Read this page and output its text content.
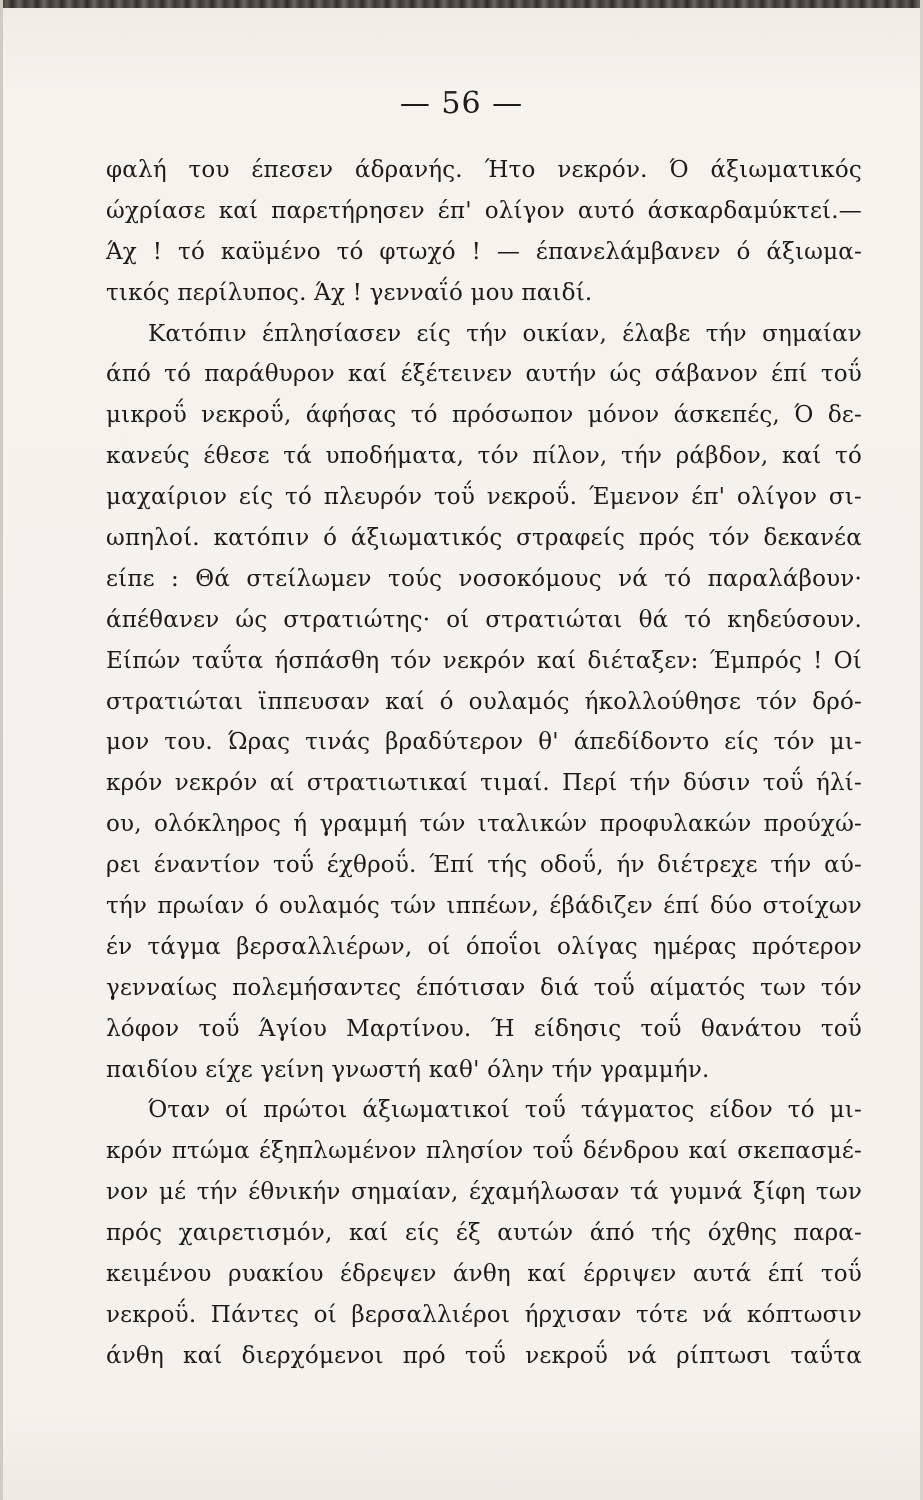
— 56 —
φαλή του έπεσεν άδρανής. Ήτο νεκρόν. Ό άξιωματικός
ώχρίασε καί παρετήρησεν έπ' ολίγον αυτό άσκαρδαμύκτεί.—
Άχ ! τό καϋμένο τό φτωχό ! — έπανελάμβανεν ό άξιωμα-
τικός περίλυπος. Άχ ! γενναΐό μου παιδί.
Κατόπιν έπλησίασεν είς τήν οικίαν, έλαβε τήν σημαίαν
άπό τό παράθυρον καί έξέτεινεν αυτήν ώς σάβανον έπί τοΰ
μικροΰ νεκροΰ, άφήσας τό πρόσωπον μόνον άσκεπές, Ό δε-
κανεύς έθεσε τά υποδήματα, τόν πίλον, τήν ράβδον, καί τό
μαχαίριον είς τό πλευρόν τοΰ νεκροΰ. Έμενον έπ' ολίγον σι-
ωπηλοί. κατόπιν ό άξιωματικός στραφείς πρός τόν δεκανέα
είπε : Θά στείλωμεν τούς νοσοκόμους νά τό παραλάβουν·
άπέθανεν ώς στρατιώτης· οί στρατιώται θά τό κηδεύσουν.
Είπών ταΰτα ήσπάσθη τόν νεκρόν καί διέταξεν: Έμπρός ! Οί
στρατιώται ϊππευσαν καί ό ουλαμός ήκολλούθησε τόν δρό-
μον του. Ώρας τινάς βραδύτερον θ' άπεδίδοντο είς τόν μι-
κρόν νεκρόν αί στρατιωτικαί τιμαί. Περί τήν δύσιν τοΰ ήλί-
ου, ολόκληρος ή γραμμή τών ιταλικών προφυλακών προύχώ-
ρει έναντίον τοΰ έχθροΰ. Έπί τής οδοΰ, ήν διέτρεχε τήν αύ-
τήν πρωίαν ό ουλαμός τών ιππέων, έβάδιζεν έπί δύο στοίχων
έν τάγμα βερσαλλιέρων, οί όποΐοι ολίγας ημέρας πρότερον
γενναίως πολεμήσαντες έπότισαν διά τοΰ αίματός των τόν
λόφον τοΰ Άγίου Μαρτίνου. Ή είδησις τοΰ θανάτου τοΰ
παιδίου είχε γείνη γνωστή καθ' όλην τήν γραμμήν.
Όταν οί πρώτοι άξιωματικοί τοΰ τάγματος είδον τό μι-
κρόν πτώμα έξηπλωμένον πλησίον τοΰ δένδρου καί σκεπασμέ-
νον μέ τήν έθνικήν σημαίαν, έχαμήλωσαν τά γυμνά ξίφη των
πρός χαιρετισμόν, καί είς έξ αυτών άπό τής όχθης παρα-
κειμένου ρυακίου έδρεψεν άνθη καί έρριψεν αυτά έπί τοΰ
νεκροΰ. Πάντες οί βερσαλλιέροι ήρχισαν τότε νά κόπτωσιν
άνθη καί διερχόμενοι πρό τοΰ νεκροΰ νά ρίπτωσι ταΰτα
